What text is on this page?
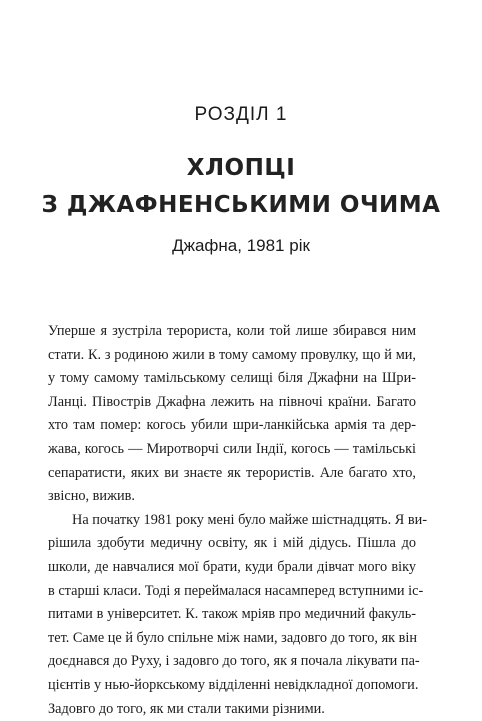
РОЗДІЛ 1
ХЛОПЦІ
З ДЖАФНЕНСЬКИМИ ОЧИМА
Джафна, 1981 рік
Уперше я зустріла терориста, коли той лише збирався ним
стати. К. з родиною жили в тому самому провулку, що й ми,
у тому самому тамільському селищі біля Джафни на Шри-
Ланці. Півострів Джафна лежить на півночі країни. Багато
хто там помер: когось убили шри-ланкійська армія та дер-
жава, когось — Миротворчі сили Індії, когось — тамільські
сепаратисти, яких ви знаєте як терористів. Але багато хто,
звісно, вижив.
На початку 1981 року мені було майже шістнадцять. Я ви-
рішила здобути медичну освіту, як і мій дідусь. Пішла до
школи, де навчалися мої брати, куди брали дівчат мого віку
в старші класи. Тоді я переймалася насамперед вступними іс-
питами в університет. К. також мріяв про медичний факуль-
тет. Саме це й було спільне між нами, задовго до того, як він
доєднався до Руху, і задовго до того, як я почала лікувати па-
цієнтів у нью-йоркському відділенні невідкладної допомоги.
Задовго до того, як ми стали такими різними.
